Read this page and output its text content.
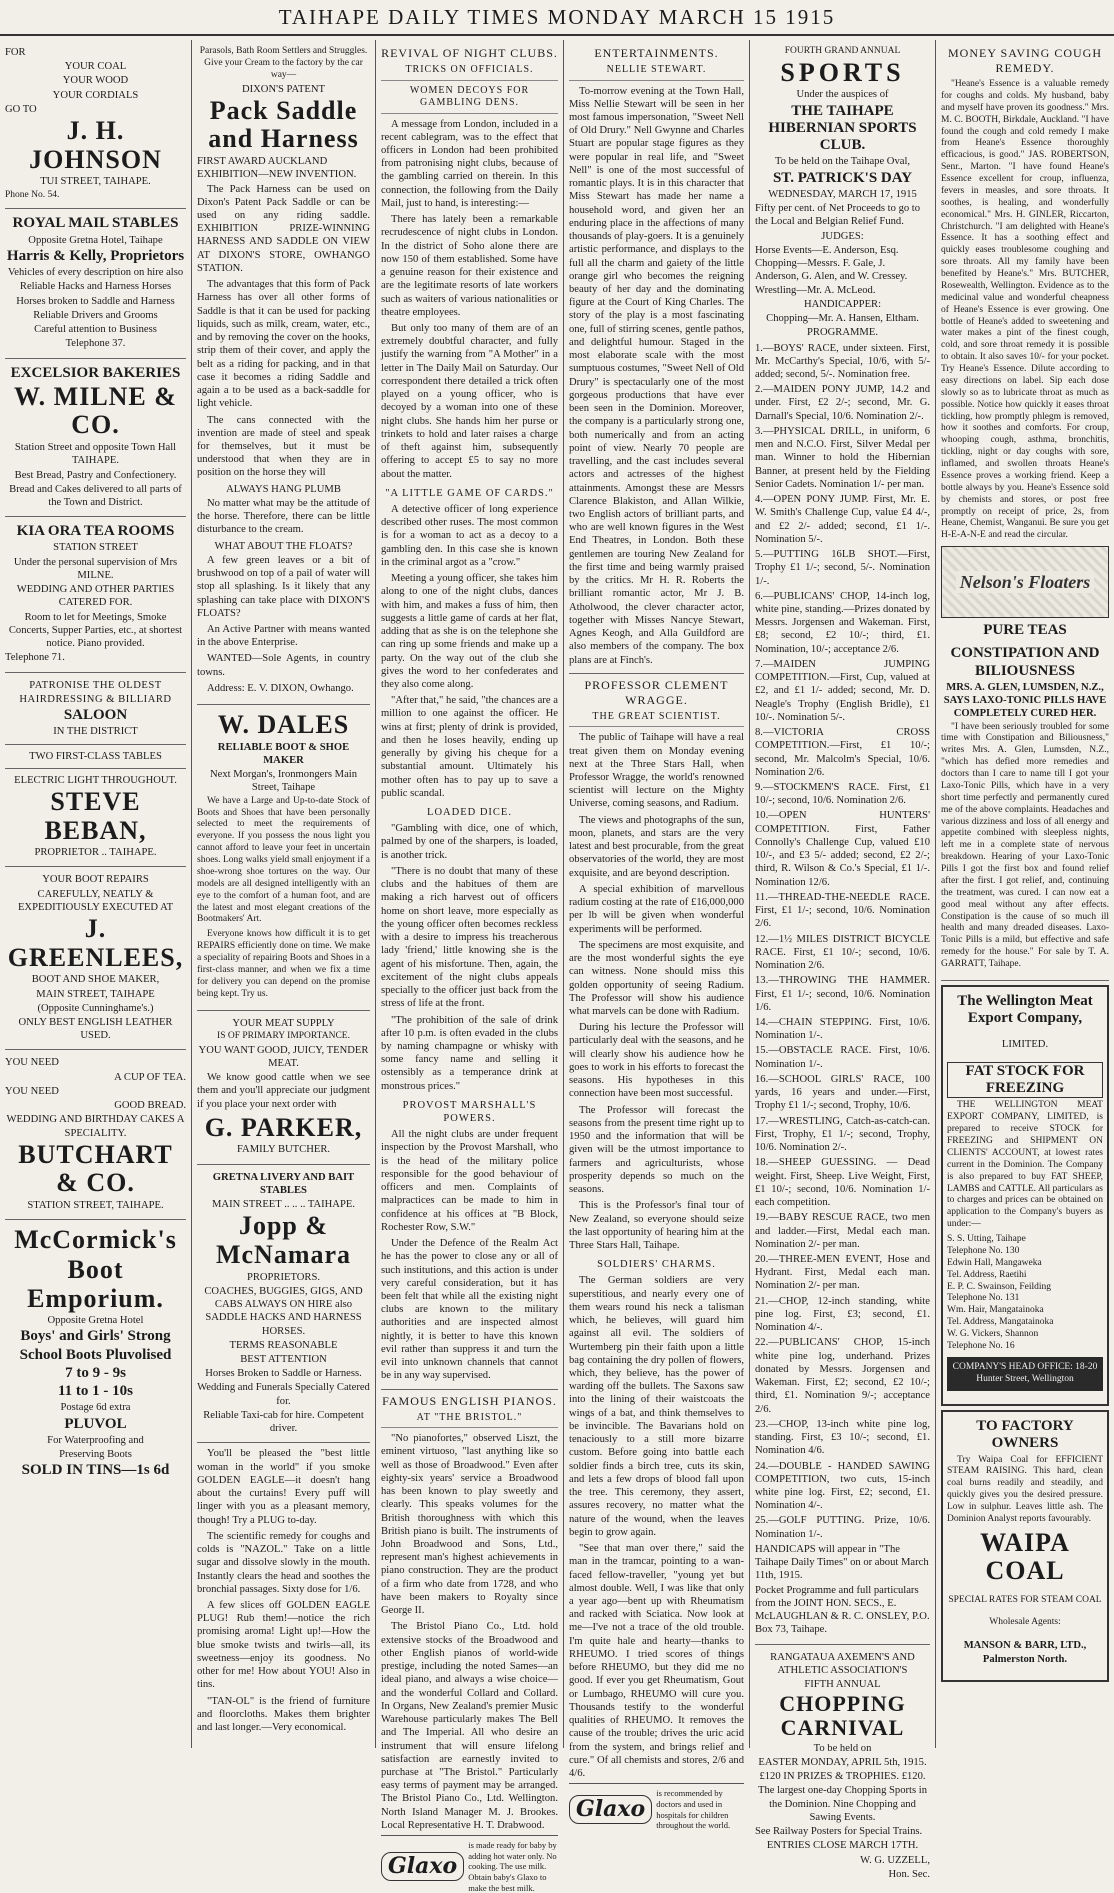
TAIHAPE DAILY TIMES MONDAY MARCH 15 1915

FOR

YOUR COAL

YOUR WOOD

YOUR CORDIALS

GO TO

J. H. JOHNSON

TUI STREET, TAIHAPE.

Phone No. 54.

ROYAL MAIL STABLES

Opposite Gretna Hotel, Taihape

Harris & Kelly, Proprietors

Vehicles of every description on hire also

Reliable Hacks and Harness Horses

Horses broken to Saddle and Harness

Reliable Drivers and Grooms

Careful attention to Business

Telephone 37.

EXCELSIOR BAKERIES

W. MILNE & CO.

Station Street and opposite Town Hall TAIHAPE.

Best Bread, Pastry and Confectionery.

Bread and Cakes delivered to all parts of the Town and District.

KIA ORA TEA ROOMS

STATION STREET

Under the personal supervision of Mrs MILNE.

WEDDING AND OTHER PARTIES CATERED FOR.

Room to let for Meetings, Smoke Concerts, Supper Parties, etc., at shortest notice. Piano provided.

Telephone 71.

PATRONISE THE OLDEST

HAIRDRESSING & BILLIARD

SALOON

IN THE DISTRICT

TWO FIRST-CLASS TABLES

ELECTRIC LIGHT THROUGHOUT.

STEVE BEBAN,

PROPRIETOR .. TAIHAPE.

YOUR BOOT REPAIRS

CAREFULLY, NEATLY & EXPEDITIOUSLY EXECUTED AT

J. GREENLEES,

BOOT AND SHOE MAKER,

MAIN STREET, TAIHAPE

(Opposite Cunninghame's.)

ONLY BEST ENGLISH LEATHER USED.

YOU NEED

A CUP OF TEA.

YOU NEED

GOOD BREAD.

WEDDING AND BIRTHDAY CAKES A SPECIALITY.

BUTCHART & CO.

STATION STREET, TAIHAPE.

McCormick's

Boot Emporium.

Opposite Gretna Hotel

Boys' and Girls' Strong

School Boots Pluvolised

7 to 9 - 9s

11 to 1 - 10s

Postage 6d extra

PLUVOL

For Waterproofing and

Preserving Boots

SOLD IN TINS—1s 6d

Parasols, Bath Room Settlers and Struggles. Give your Cream to the factory by the car way—

DIXON'S PATENT

Pack Saddle and Harness

FIRST AWARD AUCKLAND EXHIBITION—NEW INVENTION.

The Pack Harness can be used on Dixon's Patent Pack Saddle or can be used on any riding saddle. EXHIBITION PRIZE-WINNING HARNESS AND SADDLE ON VIEW AT DIXON'S STORE, OWHANGO STATION.

The advantages that this form of Pack Harness has over all other forms of Saddle is that it can be used for packing liquids, such as milk, cream, water, etc., and by removing the cover on the hooks, strip them of their cover, and apply the belt as a riding for packing, and in that case it becomes a riding Saddle and again a to be used as a back-saddle for light vehicle.

The cans connected with the invention are made of steel and speak for themselves, but it must be understood that when they are in position on the horse they will

ALWAYS HANG PLUMB

No matter what may be the attitude of the horse. Therefore, there can be little disturbance to the cream.

WHAT ABOUT THE FLOATS?

A few green leaves or a bit of brushwood on top of a pail of water will stop all splashing. Is it likely that any splashing can take place with DIXON'S FLOATS?

An Active Partner with means wanted in the above Enterprise.

WANTED—Sole Agents, in country towns.

Address: E. V. DIXON, Owhango.

W. DALES

RELIABLE BOOT & SHOE MAKER

Next Morgan's, Ironmongers Main Street, Taihape

We have a Large and Up-to-date Stock of Boots and Shoes that have been personally selected to meet the requirements of everyone. If you possess the nous light you cannot afford to leave your feet in uncertain shoes. Long walks yield small enjoyment if a shoe-wrong shoe tortures on the way. Our models are all designed intelligently with an eye to the comfort of a human foot, and are the latest and most elegant creations of the Bootmakers' Art.

Everyone knows how difficult it is to get REPAIRS efficiently done on time. We make a speciality of repairing Boots and Shoes in a first-class manner, and when we fix a time for delivery you can depend on the promise being kept. Try us.

YOUR MEAT SUPPLY

IS OF PRIMARY IMPORTANCE.

YOU WANT GOOD, JUICY, TENDER MEAT.

We know good cattle when we see them and you'll appreciate our judgment if you place your next order with

G. PARKER,

FAMILY BUTCHER.

GRETNA LIVERY AND BAIT STABLES

MAIN STREET .. .. .. TAIHAPE.

Jopp & McNamara

PROPRIETORS.

COACHES, BUGGIES, GIGS, AND CABS ALWAYS ON HIRE also SADDLE HACKS AND HARNESS HORSES.

TERMS REASONABLE

BEST ATTENTION

Horses Broken to Saddle or Harness.

Wedding and Funerals Specially Catered for.

Reliable Taxi-cab for hire. Competent driver.

You'll be pleased the "best little woman in the world" if you smoke GOLDEN EAGLE—it doesn't hang about the curtains! Every puff will linger with you as a pleasant memory, though! Try a PLUG to-day.

The scientific remedy for coughs and colds is "NAZOL." Take on a little sugar and dissolve slowly in the mouth. Instantly clears the head and soothes the bronchial passages. Sixty dose for 1/6.

A few slices off GOLDEN EAGLE PLUG! Rub them!—notice the rich promising aroma! Light up!—How the blue smoke twists and twirls—all, its sweetness—enjoy its goodness. No other for me! How about YOU! Also in tins.

"TAN-OL" is the friend of furniture and floorcloths. Makes them brighter and last longer.—Very economical.

REVIVAL OF NIGHT CLUBS.
TRICKS ON OFFICIALS.
WOMEN DECOYS FOR GAMBLING DENS.

A message from London, included in a recent cablegram, was to the effect that officers in London had been prohibited from patronising night clubs, because of the gambling carried on therein. In this connection, the following from the Daily Mail, just to hand, is interesting:—

There has lately been a remarkable recrudescence of night clubs in London. In the district of Soho alone there are now 150 of them established. Some have a genuine reason for their existence and are the legitimate resorts of late workers such as waiters of various nationalities or theatre employees.

But only too many of them are of an extremely doubtful character, and fully justify the warning from "A Mother" in a letter in The Daily Mail on Saturday. Our correspondent there detailed a trick often played on a young officer, who is decoyed by a woman into one of these night clubs. She hands him her purse or trinkets to hold and later raises a charge of theft against him, subsequently offering to accept £5 to say no more about the matter.

"A LITTLE GAME OF CARDS."

A detective officer of long experience described other ruses. The most common is for a woman to act as a decoy to a gambling den. In this case she is known in the criminal argot as a "crow."

Meeting a young officer, she takes him along to one of the night clubs, dances with him, and makes a fuss of him, then suggests a little game of cards at her flat, adding that as she is on the telephone she can ring up some friends and make up a party. On the way out of the club she gives the word to her confederates and they also come along.

"After that," he said, "the chances are a million to one against the officer. He wins at first; plenty of drink is provided, and then he loses heavily, ending up generally by giving his cheque for a substantial amount. Ultimately his mother often has to pay up to save a public scandal.

LOADED DICE.

"Gambling with dice, one of which, palmed by one of the sharpers, is loaded, is another trick.

"There is no doubt that many of these clubs and the habitues of them are making a rich harvest out of officers home on short leave, more especially as the young officer often becomes reckless with a desire to impress his treacherous lady 'friend,' little knowing she is the agent of his misfortune. Then, again, the excitement of the night clubs appeals specially to the officer just back from the stress of life at the front.

"The prohibition of the sale of drink after 10 p.m. is often evaded in the clubs by naming champagne or whisky with some fancy name and selling it ostensibly as a temperance drink at monstrous prices."

PROVOST MARSHALL'S POWERS.

All the night clubs are under frequent inspection by the Provost Marshall, who is the head of the military police responsible for the good behaviour of officers and men. Complaints of malpractices can be made to him in confidence at his offices at "B Block, Rochester Row, S.W."

Under the Defence of the Realm Act he has the power to close any or all of such institutions, and this action is under very careful consideration, but it has been felt that while all the existing night clubs are known to the military authorities and are inspected almost nightly, it is better to have this known evil rather than suppress it and turn the evil into unknown channels that cannot be in any way supervised.

FAMOUS ENGLISH PIANOS.
AT "THE BRISTOL."

"No pianofortes," observed Liszt, the eminent virtuoso, "last anything like so well as those of Broadwood." Even after eighty-six years' service a Broadwood has been known to play sweetly and clearly. This speaks volumes for the British thoroughness with which this British piano is built. The instruments of John Broadwood and Sons, Ltd., represent man's highest achievements in piano construction. They are the product of a firm who date from 1728, and who have been makers to Royalty since George II.

The Bristol Piano Co., Ltd. hold extensive stocks of the Broadwood and other English pianos of world-wide prestige, including the noted Sames—an ideal piano, and always a wise choice—and the wonderful Collard and Collard. In Organs, New Zealand's premier Music Warehouse particularly makes The Bell and The Imperial. All who desire an instrument that will ensure lifelong satisfaction are earnestly invited to purchase at "The Bristol." Particularly easy terms of payment may be arranged. The Bristol Piano Co., Ltd. Wellington. North Island Manager M. J. Brookes. Local Representative H. T. Drabwood.

Glaxo
is made ready for baby by adding hot water only. No cooking. The use milk. Obtain baby's Glaxo to make the best milk.
ENTERTAINMENTS.
NELLIE STEWART.

To-morrow evening at the Town Hall, Miss Nellie Stewart will be seen in her most famous impersonation, "Sweet Nell of Old Drury." Nell Gwynne and Charles Stuart are popular stage figures as they were popular in real life, and "Sweet Nell" is one of the most successful of romantic plays. It is in this character that Miss Stewart has made her name a household word, and given her an enduring place in the affections of many thousands of play-goers. It is a genuinely artistic performance, and displays to the full all the charm and gaiety of the little orange girl who becomes the reigning beauty of her day and the dominating figure at the Court of King Charles. The story of the play is a most fascinating one, full of stirring scenes, gentle pathos, and delightful humour. Staged in the most elaborate scale with the most sumptuous costumes, "Sweet Nell of Old Drury" is spectacularly one of the most gorgeous productions that have ever been seen in the Dominion. Moreover, the company is a particularly strong one, both numerically and from an acting point of view. Nearly 70 people are travelling, and the cast includes several actors and actresses of the highest attainments. Amongst these are Messrs Clarence Blakiston, and Allan Wilkie, two English actors of brilliant parts, and who are well known figures in the West End Theatres, in London. Both these gentlemen are touring New Zealand for the first time and being warmly praised by the critics. Mr H. R. Roberts the brilliant romantic actor, Mr J. B. Atholwood, the clever character actor, together with Misses Nancye Stewart, Agnes Keogh, and Alla Guildford are also members of the company. The box plans are at Finch's.

PROFESSOR CLEMENT WRAGGE.
THE GREAT SCIENTIST.

The public of Taihape will have a real treat given them on Monday evening next at the Three Stars Hall, when Professor Wragge, the world's renowned scientist will lecture on the Mighty Universe, coming seasons, and Radium.

The views and photographs of the sun, moon, planets, and stars are the very latest and best procurable, from the great observatories of the world, they are most exquisite, and are beyond description.

A special exhibition of marvellous radium costing at the rate of £16,000,000 per lb will be given when wonderful experiments will be performed.

The specimens are most exquisite, and are the most wonderful sights the eye can witness. None should miss this golden opportunity of seeing Radium. The Professor will show his audience what marvels can be done with Radium.

During his lecture the Professor will particularly deal with the seasons, and he will clearly show his audience how he goes to work in his efforts to forecast the seasons. His hypotheses in this connection have been most successful.

The Professor will forecast the seasons from the present time right up to 1950 and the information that will be given will be the utmost importance to farmers and agriculturists, whose prosperity depends so much on the seasons.

This is the Professor's final tour of New Zealand, so everyone should seize the last opportunity of hearing him at the Three Stars Hall, Taihape.

SOLDIERS' CHARMS.

The German soldiers are very superstitious, and nearly every one of them wears round his neck a talisman which, he believes, will guard him against all evil. The soldiers of Wurtemberg pin their faith upon a little bag containing the dry pollen of flowers, which, they believe, has the power of warding off the bullets. The Saxons saw into the lining of their waistcoats the wings of a bat, and think themselves to be invincible. The Bavarians hold on tenaciously to a still more bizarre custom. Before going into battle each soldier finds a birch tree, cuts its skin, and lets a few drops of blood fall upon the tree. This ceremony, they assert, assures recovery, no matter what the nature of the wound, when the leaves begin to grow again.

"See that man over there," said the man in the tramcar, pointing to a wan-faced fellow-traveller, "young yet but almost double. Well, I was like that only a year ago—bent up with Rheumatism and racked with Sciatica. Now look at me—I've not a trace of the old trouble. I'm quite hale and hearty—thanks to RHEUMO. I tried scores of things before RHEUMO, but they did me no good. If ever you get Rheumatism, Gout or Lumbago, RHEUMO will cure you. Thousands testify to the wonderful qualities of RHEUMO. It removes the cause of the trouble; drives the uric acid from the system, and brings relief and cure." Of all chemists and stores, 2/6 and 4/6.

Glaxo
is recommended by doctors and used in hospitals for children throughout the world.

FOURTH GRAND ANNUAL

SPORTS

Under the auspices of

THE TAIHAPE HIBERNIAN SPORTS CLUB.

To be held on the Taihape Oval,

ST. PATRICK'S DAY

WEDNESDAY, MARCH 17, 1915

Fifty per cent. of Net Proceeds to go to the Local and Belgian Relief Fund.

JUDGES:

Horse Events—E. Anderson, Esq. Chopping—Messrs. F. Gale, J. Anderson, G. Alen, and W. Cressey. Wrestling—Mr. A. McLeod.

HANDICAPPER:

Chopping—Mr. A. Hansen, Eltham.

PROGRAMME.

1.—BOYS' RACE, under sixteen. First, Mr. McCarthy's Special, 10/6, with 5/- added; second, 5/-. Nomination free.
2.—MAIDEN PONY JUMP, 14.2 and under. First, £2 2/-; second, Mr. G. Darnall's Special, 10/6. Nomination 2/-.
3.—PHYSICAL DRILL, in uniform, 6 men and N.C.O. First, Silver Medal per man. Winner to hold the Hibernian Banner, at present held by the Fielding Senior Cadets. Nomination 1/- per man.
4.—OPEN PONY JUMP. First, Mr. E. W. Smith's Challenge Cup, value £4 4/-, and £2 2/- added; second, £1 1/-. Nomination 5/-.
5.—PUTTING 16LB SHOT.—First, Trophy £1 1/-; second, 5/-. Nomination 1/-.
6.—PUBLICANS' CHOP, 14-inch log, white pine, standing.—Prizes donated by Messrs. Jorgensen and Wakeman. First, £8; second, £2 10/-; third, £1. Nomination, 10/-; acceptance 2/6.
7.—MAIDEN JUMPING COMPETITION.—First, Cup, valued at £2, and £1 1/- added; second, Mr. D. Neagle's Trophy (English Bridle), £1 10/-. Nomination 5/-.
8.—VICTORIA CROSS COMPETITION.—First, £1 10/-; second, Mr. Malcolm's Special, 10/6. Nomination 2/6.
9.—STOCKMEN'S RACE. First, £1 10/-; second, 10/6. Nomination 2/6.
10.—OPEN HUNTERS' COMPETITION. First, Father Connolly's Challenge Cup, valued £10 10/-, and £3 5/- added; second, £2 2/-; third, R. Wilson & Co.'s Special, £1 1/-. Nomination 12/6.
11.—THREAD-THE-NEEDLE RACE. First, £1 1/-; second, 10/6. Nomination 2/6.
12.—1½ MILES DISTRICT BICYCLE RACE. First, £1 10/-; second, 10/6. Nomination 2/6.
13.—THROWING THE HAMMER. First, £1 1/-; second, 10/6. Nomination 1/6.
14.—CHAIN STEPPING. First, 10/6. Nomination 1/-.
15.—OBSTACLE RACE. First, 10/6. Nomination 1/-.
16.—SCHOOL GIRLS' RACE, 100 yards, 16 years and under.—First, Trophy £1 1/-; second, Trophy, 10/6.
17.—WRESTLING, Catch-as-catch-can. First, Trophy, £1 1/-; second, Trophy, 10/6. Nomination 2/-.
18.—SHEEP GUESSING. — Dead weight. First, Sheep. Live Weight, First, £1 10/-; second, 10/6. Nomination 1/- each competition.
19.—BABY RESCUE RACE, two men and ladder.—First, Medal each man. Nomination 2/- per man.
20.—THREE-MEN EVENT, Hose and Hydrant. First, Medal each man. Nomination 2/- per man.
21.—CHOP, 12-inch standing, white pine log. First, £3; second, £1. Nomination 4/-.
22.—PUBLICANS' CHOP, 15-inch white pine log, underhand. Prizes donated by Messrs. Jorgensen and Wakeman. First, £2; second, £2 10/-; third, £1. Nomination 9/-; acceptance 2/6.
23.—CHOP, 13-inch white pine log, standing. First, £3 10/-; second, £1. Nomination 4/6.
24.—DOUBLE - HANDED SAWING COMPETITION, two cuts, 15-inch white pine log. First, £2; second, £1. Nomination 4/-.
25.—GOLF PUTTING. Prize, 10/6. Nomination 1/-.

HANDICAPS will appear in "The Taihape Daily Times" on or about March 11th, 1915.

Pocket Programme and full particulars from the JOINT HON. SECS., E. McLAUGHLAN & R. C. ONSLEY, P.O. Box 73, Taihape.

RANGATAUA AXEMEN'S AND ATHLETIC ASSOCIATION'S

FIFTH ANNUAL

CHOPPING CARNIVAL

To be held on

EASTER MONDAY, APRIL 5th, 1915.

£120 IN PRIZES & TROPHIES. £120.

The largest one-day Chopping Sports in the Dominion. Nine Chopping and Sawing Events.

See Railway Posters for Special Trains.

ENTRIES CLOSE MARCH 17TH.

W. G. UZZELL,

Hon. Sec.

MONEY SAVING COUGH REMEDY.

"Heane's Essence is a valuable remedy for coughs and colds. My husband, baby and myself have proven its goodness." Mrs. M. C. BOOTH, Birkdale, Auckland. "I have found the cough and cold remedy I make from Heane's Essence thoroughly efficacious, is good." JAS. ROBERTSON, Senr., Marton. "I have found Heane's Essence excellent for croup, influenza, fevers in measles, and sore throats. It soothes, is healing, and wonderfully economical." Mrs. H. GINLER, Riccarton, Christchurch. "I am delighted with Heane's Essence. It has a soothing effect and quickly eases troublesome coughing and sore throats. All my family have been benefited by Heane's." Mrs. BUTCHER, Rosewealth, Wellington. Evidence as to the medicinal value and wonderful cheapness of Heane's Essence is ever growing. One bottle of Heane's added to sweetening and water makes a pint of the finest cough, cold, and sore throat remedy it is possible to obtain. It also saves 10/- for your pocket. Try Heane's Essence. Dilute according to easy directions on label. Sip each dose slowly so as to lubricate throat as much as possible. Notice how quickly it eases throat tickling, how promptly phlegm is removed, how it soothes and comforts. For croup, whooping cough, asthma, bronchitis, tickling, night or day coughs with sore, inflamed, and swollen throats Heane's Essence proves a working friend. Keep a bottle always by you. Heane's Essence sold by chemists and stores, or post free promptly on receipt of price, 2s, from Heane, Chemist, Wanganui. Be sure you get H-E-A-N-E and read the circular.

Nelson's Floaters

PURE TEAS

CONSTIPATION AND BILIOUSNESS

MRS. A. GLEN, LUMSDEN, N.Z., SAYS LAXO-TONIC PILLS HAVE COMPLETELY CURED HER.

"I have been seriously troubled for some time with Constipation and Biliousness," writes Mrs. A. Glen, Lumsden, N.Z., "which has defied more remedies and doctors than I care to name till I got your Laxo-Tonic Pills, which have in a very short time perfectly and permanently cured me of the above complaints. Headaches and various dizziness and loss of all energy and appetite combined with sleepless nights, left me in a complete state of nervous breakdown. Hearing of your Laxo-Tonic Pills I got the first box and found relief after the first. I got relief, and, continuing the treatment, was cured. I can now eat a good meal without any after effects. Constipation is the cause of so much ill health and many dreaded diseases. Laxo-Tonic Pills is a mild, but effective and safe remedy for the house." For sale by T. A. GARRATT, Taihape.

The Wellington Meat Export Company,

LIMITED.

FAT STOCK FOR FREEZING

THE WELLINGTON MEAT EXPORT COMPANY, LIMITED, is prepared to receive STOCK for FREEZING and SHIPMENT ON CLIENTS' ACCOUNT, at lowest rates current in the Dominion. The Company is also prepared to buy FAT SHEEP, LAMBS and CATTLE. All particulars as to charges and prices can be obtained on application to the Company's buyers as under:—

S. S. Utting, Taihape
Telephone No. 130
Edwin Hall, Mangaweka
Tel. Address, Raetihi
E. P. C. Swainson, Feilding
Telephone No. 131
Wm. Hair, Mangatainoka
Tel. Address, Mangatainoka
W. G. Vickers, Shannon
Telephone No. 16

COMPANY'S HEAD OFFICE: 18-20 Hunter Street, Wellington

TO FACTORY OWNERS

Try Waipa Coal for EFFICIENT STEAM RAISING. This hard, clean coal burns readily and steadily, and quickly gives you the desired pressure. Low in sulphur. Leaves little ash. The Dominion Analyst reports favourably.

WAIPA COAL

SPECIAL RATES FOR STEAM COAL

Wholesale Agents:

MANSON & BARR, LTD., Palmerston North.
